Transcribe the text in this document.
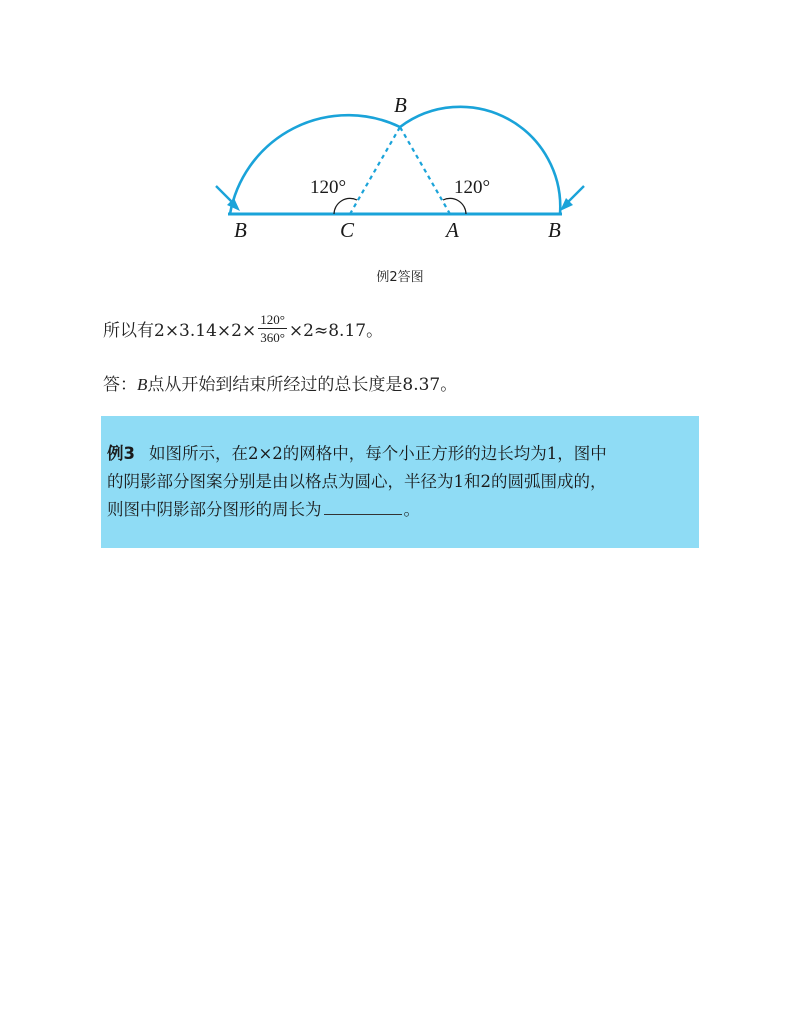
B
B	C	A	B
120°	120°
例2答图
所以有$2\times 3.14\times 2\times \frac{120^\circ}{360^\circ} \times 2\approx 8.17$。
答：B点从开始到结束所经过的总长度是8.37。
例3 如图所示，在2×2的网格中，每个小正方形的边长均为1，图中
的阴影部分图案分别是由以格点为圆心，半径为1和2的圆弧围成的，
则图中阴影部分图形的周长为	。
